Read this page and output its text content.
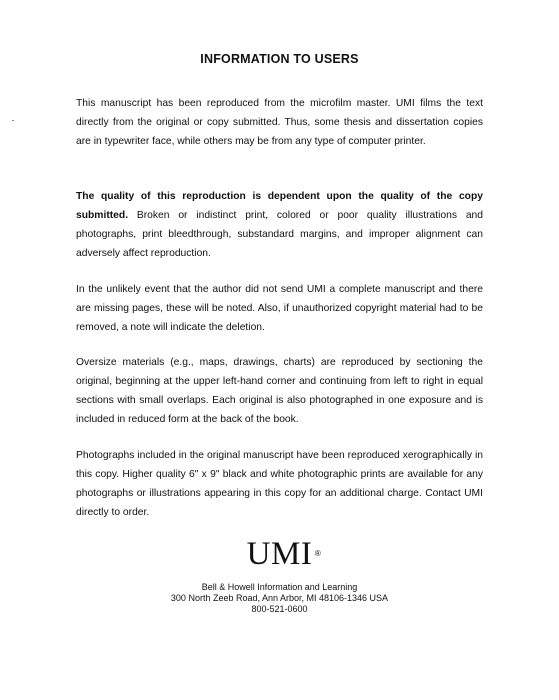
INFORMATION TO USERS

This manuscript has been reproduced from the microfilm master. UMI films the text directly from the original or copy submitted. Thus, some thesis and dissertation copies are in typewriter face, while others may be from any type of computer printer.

The quality of this reproduction is dependent upon the quality of the copy submitted. Broken or indistinct print, colored or poor quality illustrations and photographs, print bleedthrough, substandard margins, and improper alignment can adversely affect reproduction.

In the unlikely event that the author did not send UMI a complete manuscript and there are missing pages, these will be noted. Also, if unauthorized copyright material had to be removed, a note will indicate the deletion.

Oversize materials (e.g., maps, drawings, charts) are reproduced by sectioning the original, beginning at the upper left-hand corner and continuing from left to right in equal sections with small overlaps. Each original is also photographed in one exposure and is included in reduced form at the back of the book.

Photographs included in the original manuscript have been reproduced xerographically in this copy. Higher quality 6" x 9" black and white photographic prints are available for any photographs or illustrations appearing in this copy for an additional charge. Contact UMI directly to order.

UMI ®
Bell & Howell Information and Learning
300 North Zeeb Road, Ann Arbor, MI 48106-1346 USA
800-521-0600
